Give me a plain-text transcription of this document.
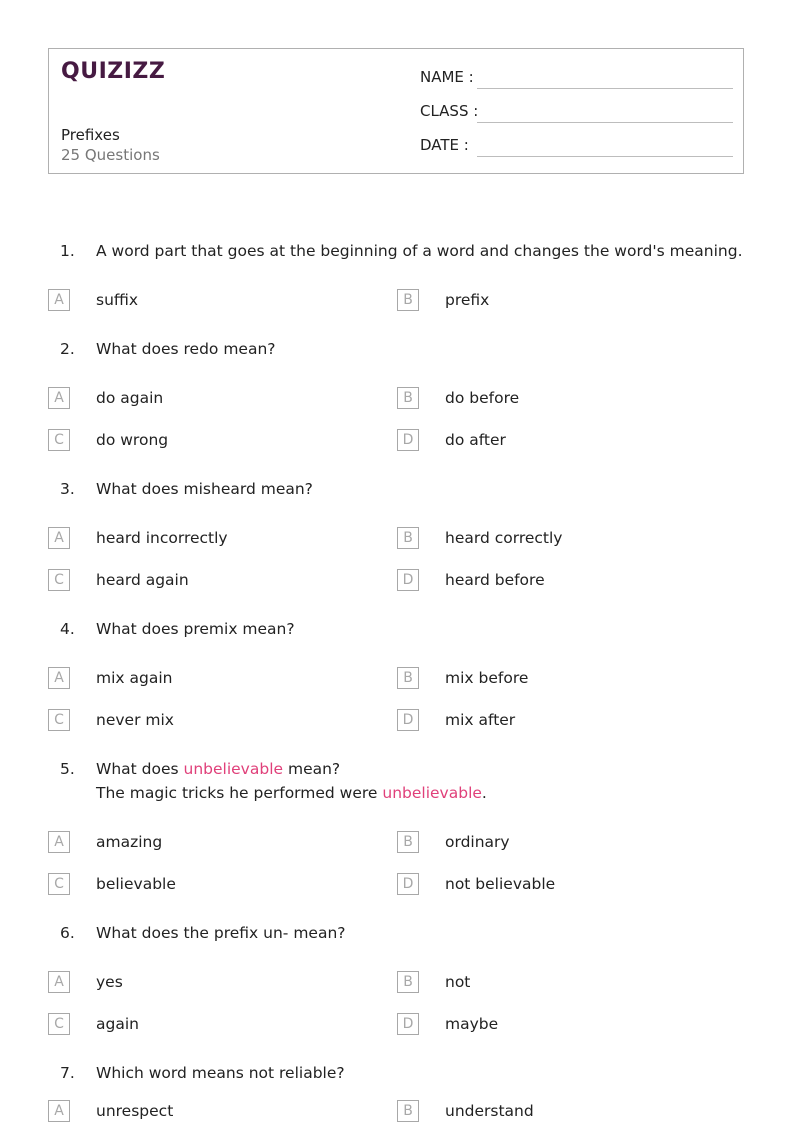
QUIZIZZ
Prefixes
25 Questions
NAME :
CLASS :
DATE :
1. A word part that goes at the beginning of a word and changes the word's meaning.
A	suffix	B	prefix
2. What does redo mean?
A	do again	B	do before
C	do wrong	D	do after
3. What does misheard mean?
A	heard incorrectly	B	heard correctly
C	heard again	D	heard before
4. What does premix mean?
A	mix again	B	mix before
C	never mix	D	mix after
5. What does unbelievable mean?
The magic tricks he performed were unbelievable.
A	amazing	B	ordinary
C	believable	D	not believable
6. What does the prefix un- mean?
A	yes	B	not
C	again	D	maybe
7. Which word means not reliable?
A	unrespect	B	understand
